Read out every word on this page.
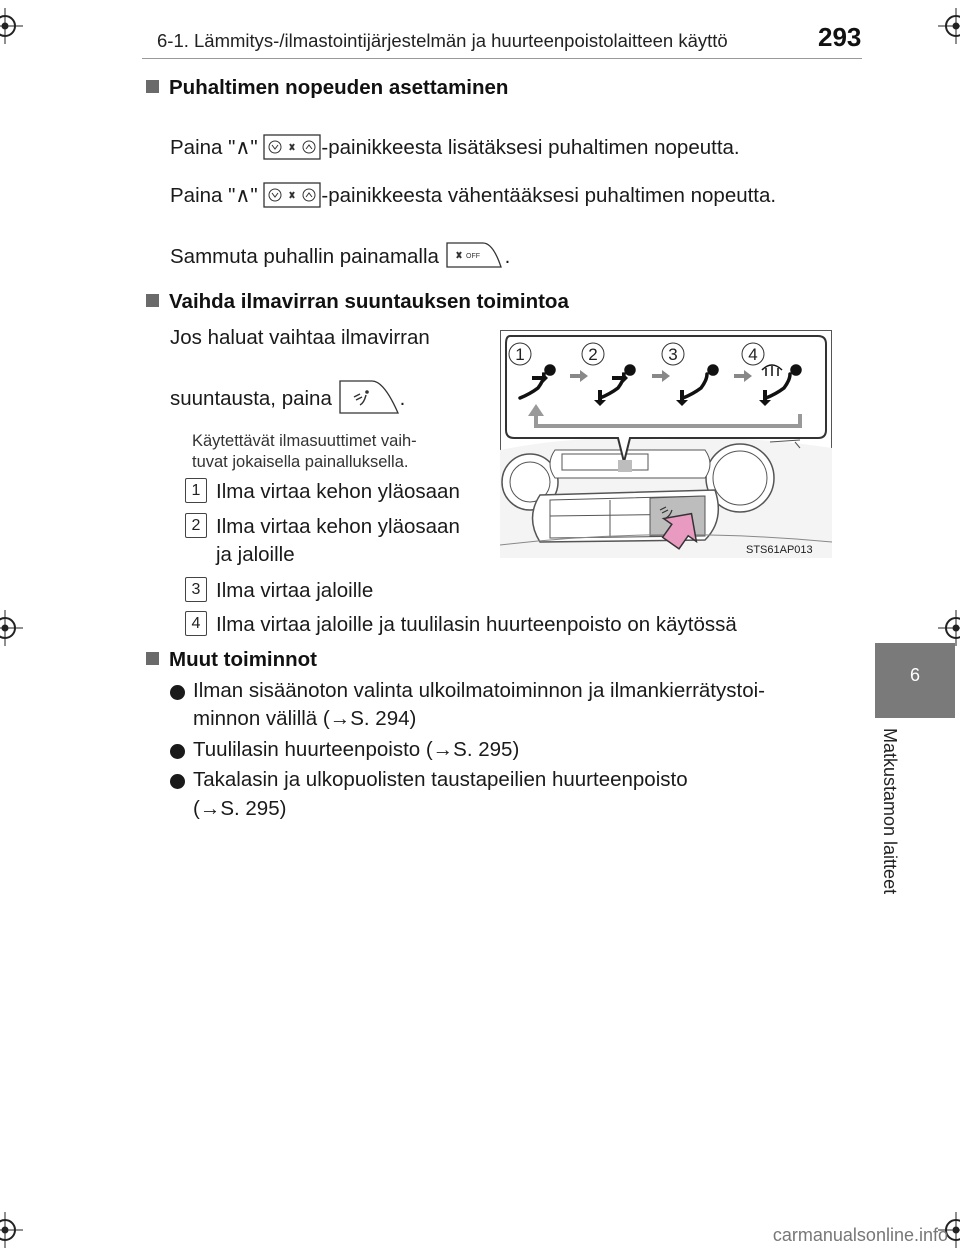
6-1. Lämmitys-/ilmastointijärjestelmän ja huurteenpoistolaitteen käyttö	293
6
Matkustamon laitteet
Puhaltimen nopeuden asettaminen
Paina "∧"	-painikkeesta lisätäksesi puhaltimen nopeutta.
Paina "∧"	-painikkeesta vähentääksesi puhaltimen nopeutta.
Sammuta puhallin painamalla	OFF .
Vaihda ilmavirran suuntauksen toimintoa
Jos haluat vaihtaa ilmavirran
suuntausta, paina	.
Käytettävät ilmasuuttimet vaih-
tuvat jokaisella painalluksella.
1 Ilma virtaa kehon yläosaan
2 Ilma virtaa kehon yläosaan
ja jaloille
3 Ilma virtaa jaloille
4 Ilma virtaa jaloille ja tuulilasin huurteenpoisto on käytössä
1	2	3	4
STS61AP013
Muut toiminnot
Ilman sisäänoton valinta ulkoilmatoiminnon ja ilmankierrätystoi-
minnon välillä (→S. 294)
Tuulilasin huurteenpoisto (→S. 295)
Takalasin ja ulkopuolisten taustapeilien huurteenpoisto
(→S. 295)
carmanualsonline.info
